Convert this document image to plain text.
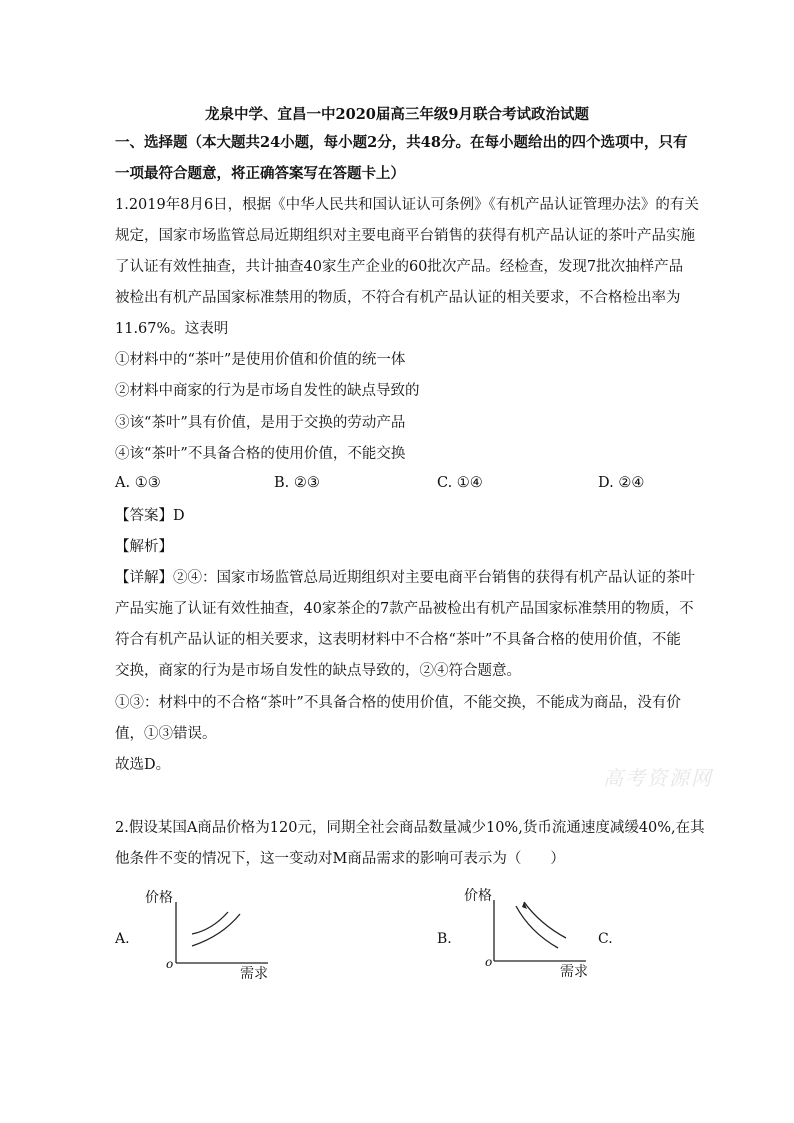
龙泉中学、宜昌一中2020届高三年级9月联合考试政治试题
一、选择题（本大题共24小题，每小题2分，共48分。在每小题给出的四个选项中，只有
一项最符合题意，将正确答案写在答题卡上）
1.2019年8月6日，根据《中华人民共和国认证认可条例》《有机产品认证管理办法》的有关
规定，国家市场监管总局近期组织对主要电商平台销售的获得有机产品认证的茶叶产品实施
了认证有效性抽查，共计抽查40家生产企业的60批次产品。经检查，发现7批次抽样产品
被检出有机产品国家标准禁用的物质，不符合有机产品认证的相关要求，不合格检出率为
11.67%。这表明
①材料中的“茶叶”是使用价值和价值的统一体
②材料中商家的行为是市场自发性的缺点导致的
③该“茶叶”具有价值，是用于交换的劳动产品
④该“茶叶”不具备合格的使用价值，不能交换
A. ①③	B. ②③	C. ①④	D. ②④
【答案】D
【解析】
【详解】②④：国家市场监管总局近期组织对主要电商平台销售的获得有机产品认证的茶叶
产品实施了认证有效性抽查，40家茶企的7款产品被检出有机产品国家标准禁用的物质，不
符合有机产品认证的相关要求，这表明材料中不合格“茶叶”不具备合格的使用价值，不能
交换，商家的行为是市场自发性的缺点导致的，②④符合题意。
①③：材料中的不合格“茶叶”不具备合格的使用价值，不能交换，不能成为商品，没有价
值，①③错误。
故选D。
高考资源网
2.假设某国A商品价格为120元，同期全社会商品数量减少10%,货币流通速度减缓40%,在其
他条件不变的情况下，这一变动对M商品需求的影响可表示为（　　）
A.
价格
需求
o
B.
价格
需求
o
C.
